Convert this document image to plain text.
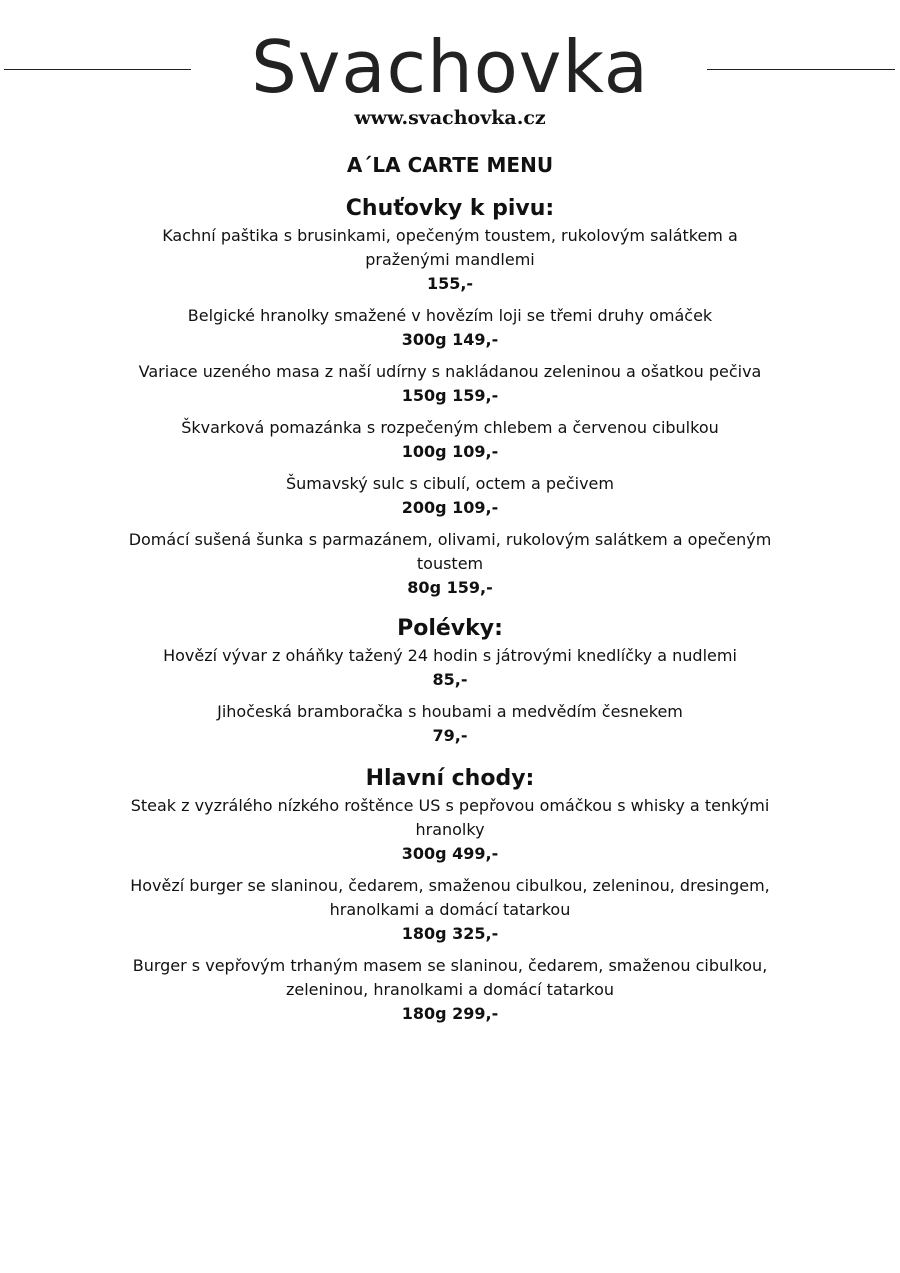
Svachovka
www.svachovka.cz
A´LA CARTE MENU
Chuťovky k pivu:
Kachní paštika s brusinkami, opečeným toustem, rukolovým salátkem a praženými mandlemi
155,-
Belgické hranolky smažené v hovězím loji se třemi druhy omáček
300g 149,-
Variace uzeného masa z naší udírny s nakládanou zeleninou a ošatkou pečiva
150g 159,-
Škvarková pomazánka s rozpečeným chlebem a červenou cibulkou
100g 109,-
Šumavský sulc s cibulí, octem a pečivem
200g 109,-
Domácí sušená šunka s parmazánem, olivami, rukolovým salátkem a opečeným toustem
80g 159,-
Polévky:
Hovězí vývar z oháňky tažený 24 hodin s játrovými knedlíčky a nudlemi
85,-
Jihočeská bramboračka s houbami a medvědím česnekem
79,-
Hlavní chody:
Steak z vyzrálého nízkého roštěnce US s pepřovou omáčkou s whisky a tenkými hranolky
300g 499,-
Hovězí burger se slaninou, čedarem, smaženou cibulkou, zeleninou, dresingem, hranolkami a domácí tatarkou
180g 325,-
Burger s vepřovým trhaným masem se slaninou, čedarem, smaženou cibulkou, zeleninou, hranolkami a domácí tatarkou
180g 299,-
